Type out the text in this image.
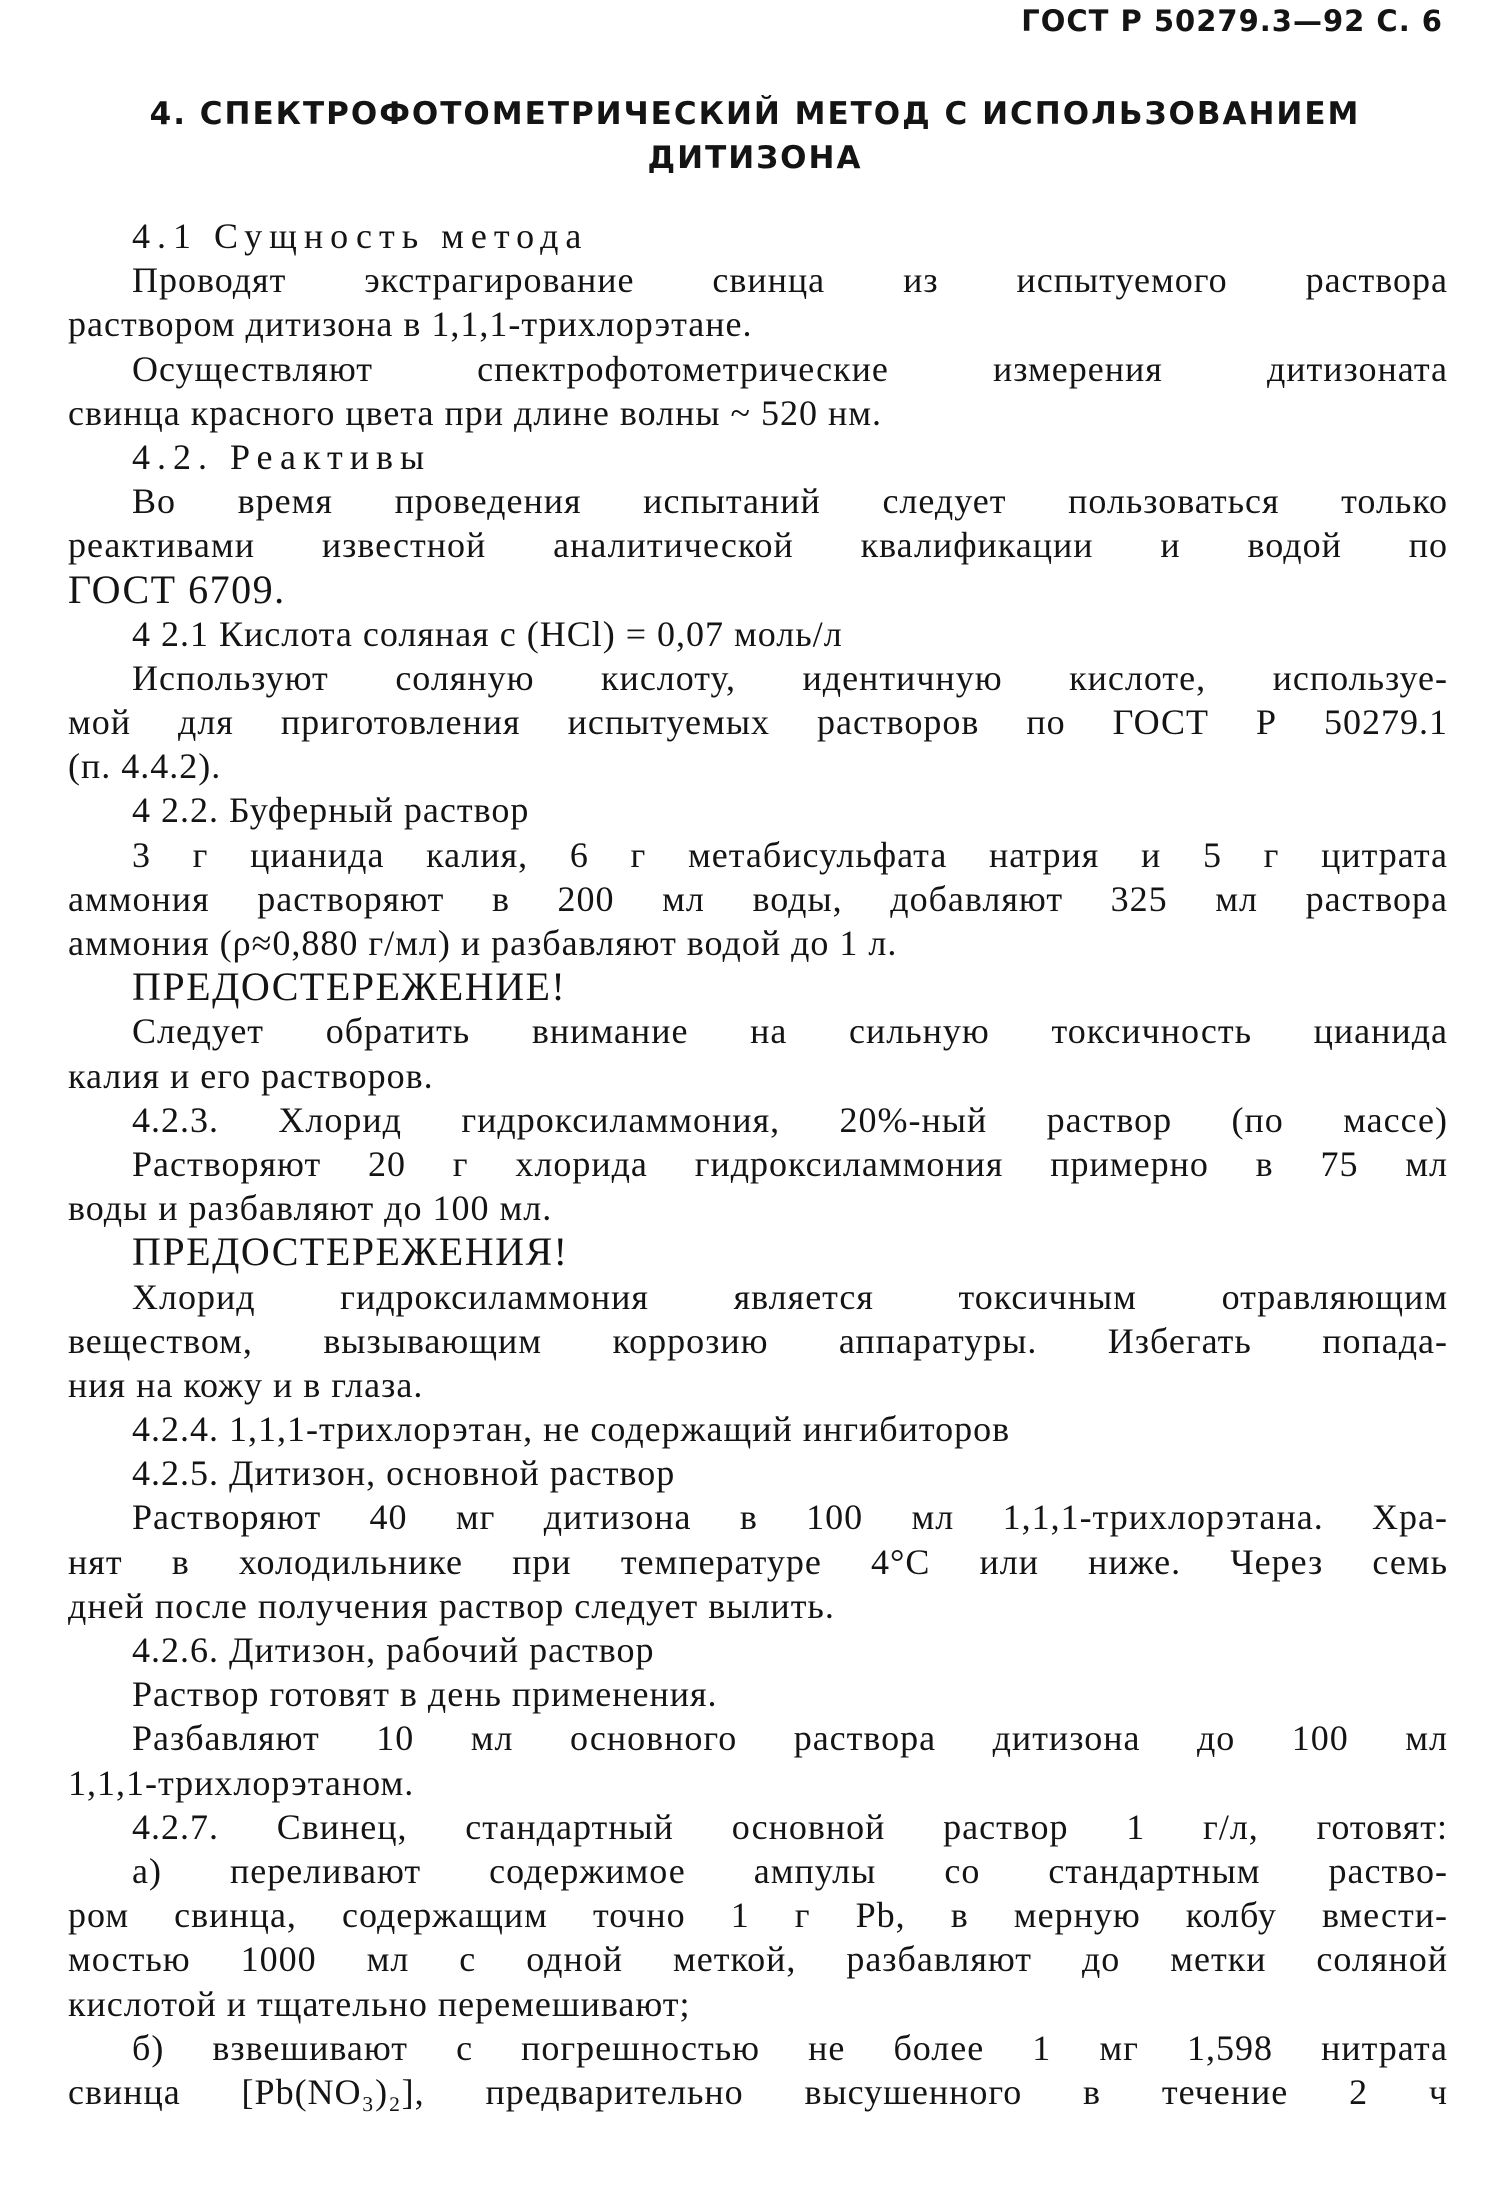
ГОСТ Р 50279.3—92 С. 6
4. СПЕКТРОФОТОМЕТРИЧЕСКИЙ МЕТОД С ИСПОЛЬЗОВАНИЕМ
ДИТИЗОНА
4.1 Сущность метода
Проводят экстрагирование свинца из испытуемого раствора
раствором дитизона в 1,1,1-трихлорэтане.
Осуществляют спектрофотометрические измерения дитизоната
свинца красного цвета при длине волны ~ 520 нм.
4.2. Реактивы
Во время проведения испытаний следует пользоваться только
реактивами известной аналитической квалификации и водой по
ГОСТ 6709.
4 2.1 Кислота соляная с (HCl) = 0,07 моль/л
Используют соляную кислоту, идентичную кислоте, используе-
мой для приготовления испытуемых растворов по ГОСТ Р 50279.1
(п. 4.4.2).
4 2.2. Буферный раствор
3 г цианида калия, 6 г метабисульфата натрия и 5 г цитрата
аммония растворяют в 200 мл воды, добавляют 325 мл раствора
аммония (ρ≈0,880 г/мл) и разбавляют водой до 1 л.
ПРЕДОСТЕРЕЖЕНИЕ!
Следует обратить внимание на сильную токсичность цианида
калия и его растворов.
4.2.3. Хлорид гидроксиламмония, 20%-ный раствор (по массе)
Растворяют 20 г хлорида гидроксиламмония примерно в 75 мл
воды и разбавляют до 100 мл.
ПРЕДОСТЕРЕЖЕНИЯ!
Хлорид гидроксиламмония является токсичным отравляющим
веществом, вызывающим коррозию аппаратуры. Избегать попада-
ния на кожу и в глаза.
4.2.4. 1,1,1-трихлорэтан, не содержащий ингибиторов
4.2.5. Дитизон, основной раствор
Растворяют 40 мг дитизона в 100 мл 1,1,1-трихлорэтана. Хра-
нят в холодильнике при температуре 4°С или ниже. Через семь
дней после получения раствор следует вылить.
4.2.6. Дитизон, рабочий раствор
Раствор готовят в день применения.
Разбавляют 10 мл основного раствора дитизона до 100 мл
1,1,1-трихлорэтаном.
4.2.7. Свинец, стандартный основной раствор 1 г/л, готовят:
а) переливают содержимое ампулы со стандартным раство-
ром свинца, содержащим точно 1 г Pb, в мерную колбу вмести-
мостью 1000 мл с одной меткой, разбавляют до метки соляной
кислотой и тщательно перемешивают;
б) взвешивают с погрешностью не более 1 мг 1,598 нитрата
свинца [Pb(NO₃)₂], предварительно высушенного в течение 2 ч
